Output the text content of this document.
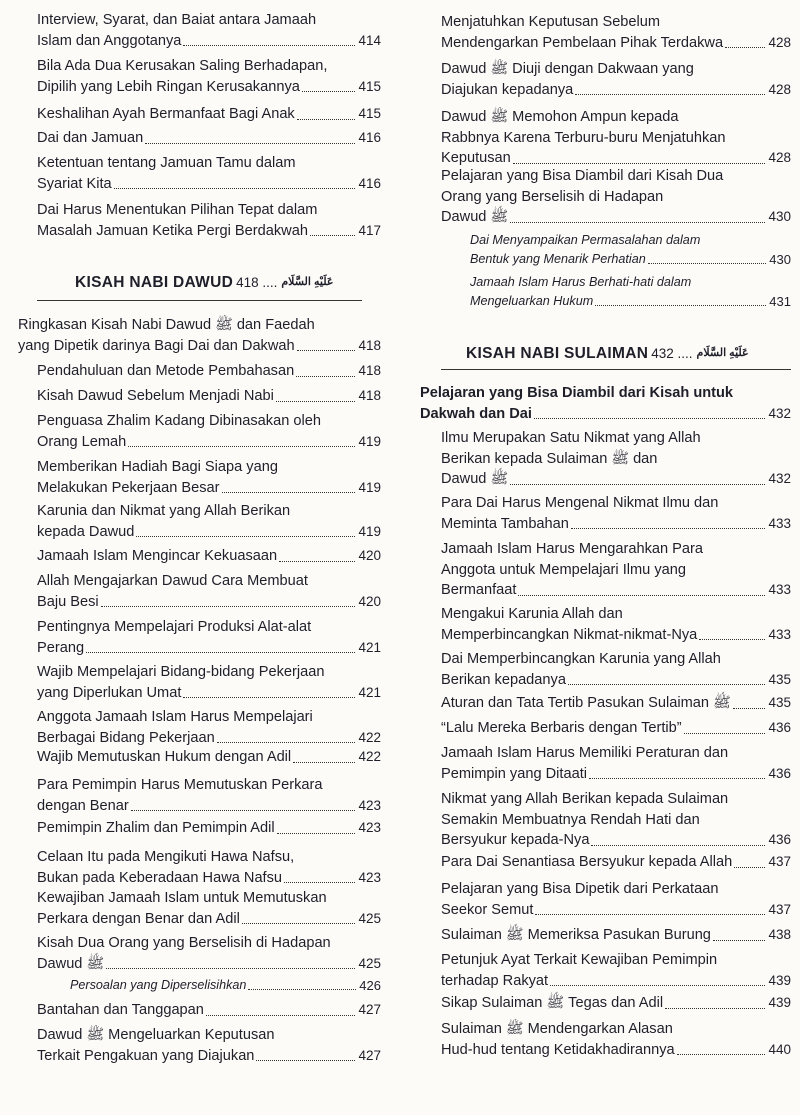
Interview, Syarat, dan Baiat antara Jamaah
Islam dan Anggotanya	414
Bila Ada Dua Kerusakan Saling Berhadapan,
Dipilih yang Lebih Ringan Kerusakannya	415
Keshalihan Ayah Bermanfaat Bagi Anak	415
Dai dan Jamuan	416
Ketentuan tentang Jamuan Tamu dalam
Syariat Kita	416
Dai Harus Menentukan Pilihan Tepat dalam
Masalah Jamuan Ketika Pergi Berdakwah	417
KISAH NABI DAWUD	عَلَيْهِ السَّلَام.... 418
Ringkasan Kisah Nabi Dawud ﷺ dan Faedah
yang Dipetik darinya Bagi Dai dan Dakwah	418
Pendahuluan dan Metode Pembahasan	418
Kisah Dawud Sebelum Menjadi Nabi	418
Penguasa Zhalim Kadang Dibinasakan oleh
Orang Lemah	419
Memberikan Hadiah Bagi Siapa yang
Melakukan Pekerjaan Besar	419
Karunia dan Nikmat yang Allah Berikan
kepada Dawud	419
Jamaah Islam Mengincar Kekuasaan	420
Allah Mengajarkan Dawud Cara Membuat
Baju Besi	420
Pentingnya Mempelajari Produksi Alat-alat
Perang	421
Wajib Mempelajari Bidang-bidang Pekerjaan
yang Diperlukan Umat	421
Anggota Jamaah Islam Harus Mempelajari
Berbagai Bidang Pekerjaan	422
Wajib Memutuskan Hukum dengan Adil	422
Para Pemimpin Harus Memutuskan Perkara
dengan Benar	423
Pemimpin Zhalim dan Pemimpin Adil	423
Celaan Itu pada Mengikuti Hawa Nafsu,
Bukan pada Keberadaan Hawa Nafsu	423
Kewajiban Jamaah Islam untuk Memutuskan
Perkara dengan Benar dan Adil	425
Kisah Dua Orang yang Berselisih di Hadapan
Dawud ﷺ	425
Persoalan yang Diperselisihkan	426
Bantahan dan Tanggapan	427
Dawud ﷺ Mengeluarkan Keputusan
Terkait Pengakuan yang Diajukan	427
Menjatuhkan Keputusan Sebelum
Mendengarkan Pembelaan Pihak Terdakwa	428
Dawud ﷺ Diuji dengan Dakwaan yang
Diajukan kepadanya	428
Dawud ﷺ Memohon Ampun kepada
Rabbnya Karena Terburu-buru Menjatuhkan
Keputusan	428
Pelajaran yang Bisa Diambil dari Kisah Dua
Orang yang Berselisih di Hadapan
Dawud ﷺ	430
Dai Menyampaikan Permasalahan dalam
Bentuk yang Menarik Perhatian	430
Jamaah Islam Harus Berhati-hati dalam
Mengeluarkan Hukum	431
KISAH NABI SULAIMAN	عَلَيْهِ السَّلَام.... 432
Pelajaran yang Bisa Diambil dari Kisah untuk
Dakwah dan Dai	432
Ilmu Merupakan Satu Nikmat yang Allah
Berikan kepada Sulaiman ﷺ dan
Dawud ﷺ	432
Para Dai Harus Mengenal Nikmat Ilmu dan
Meminta Tambahan	433
Jamaah Islam Harus Mengarahkan Para
Anggota untuk Mempelajari Ilmu yang
Bermanfaat	433
Mengakui Karunia Allah dan
Memperbincangkan Nikmat-nikmat-Nya	433
Dai Memperbincangkan Karunia yang Allah
Berikan kepadanya	435
Aturan dan Tata Tertib Pasukan Sulaiman ﷺ	435
“Lalu Mereka Berbaris dengan Tertib”	436
Jamaah Islam Harus Memiliki Peraturan dan
Pemimpin yang Ditaati	436
Nikmat yang Allah Berikan kepada Sulaiman
Semakin Membuatnya Rendah Hati dan
Bersyukur kepada-Nya	436
Para Dai Senantiasa Bersyukur kepada Allah	437
Pelajaran yang Bisa Dipetik dari Perkataan
Seekor Semut	437
Sulaiman ﷺ Memeriksa Pasukan Burung	438
Petunjuk Ayat Terkait Kewajiban Pemimpin
terhadap Rakyat	439
Sikap Sulaiman ﷺ Tegas dan Adil	439
Sulaiman ﷺ Mendengarkan Alasan
Hud-hud tentang Ketidakhadirannya	440
